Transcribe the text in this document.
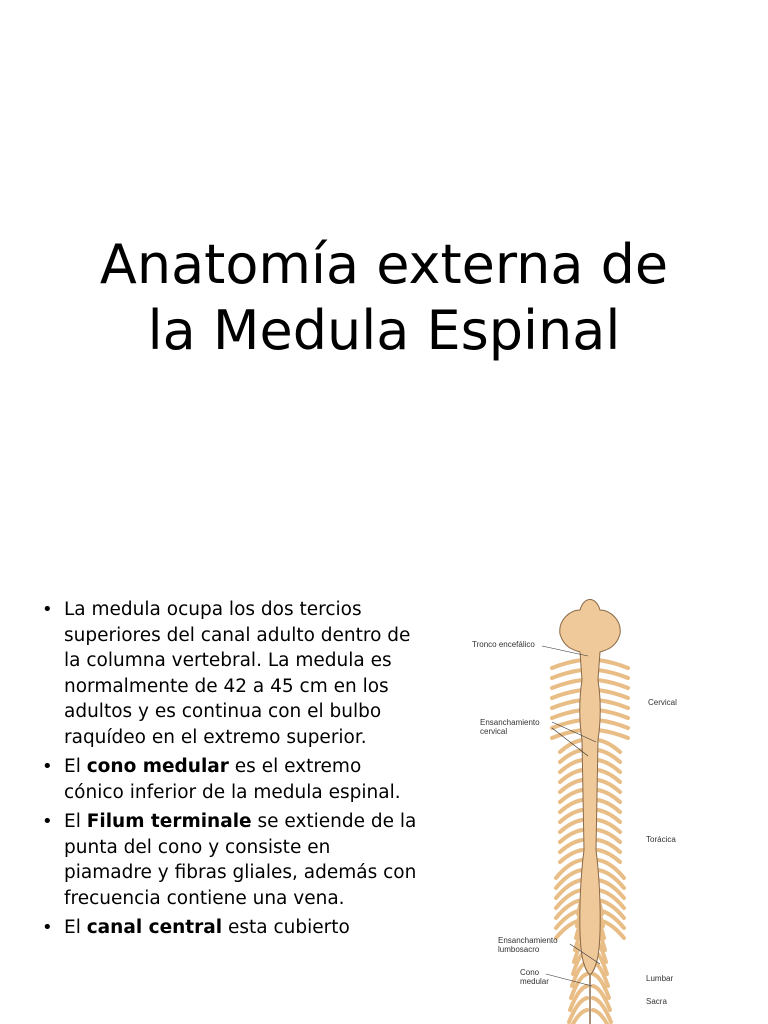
Anatomía externa de
la Medula Espinal
• La medula ocupa los dos tercios superiores del canal adulto dentro de la columna vertebral. La medula es normalmente de 42 a 45 cm en los adultos y es continua con el bulbo raquídeo en el extremo superior.
• El cono medular es el extremo cónico inferior de la medula espinal.
• El Filum terminale se extiende de la punta del cono y consiste en piamadre y fibras gliales, además con frecuencia contiene una vena.
• El canal central esta cubierto
Tronco encefálico
Ensanchamiento
cervical
Cervical
Torácica
Ensanchamiento
lumbosacro
Cono
medular	Lumbar
Sacra
